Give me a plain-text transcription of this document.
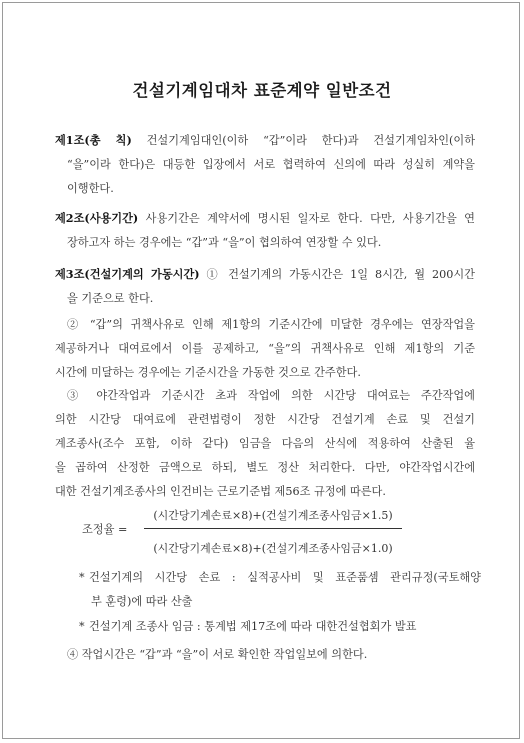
건설기계임대차 표준계약 일반조건
제1조(총 칙) 건설기계임대인(이하 “갑”이라 한다)과 건설기계임차인(이하
“을”이라 한다)은 대등한 입장에서 서로 협력하여 신의에 따라 성실히 계약을
이행한다.
제2조(사용기간) 사용기간은 계약서에 명시된 일자로 한다. 다만, 사용기간을 연
장하고자 하는 경우에는 “갑”과 “을”이 협의하여 연장할 수 있다.
제3조(건설기계의 가동시간) ① 건설기계의 가동시간은 1일 8시간, 월 200시간
을 기준으로 한다.
② “갑”의 귀책사유로 인해 제1항의 기준시간에 미달한 경우에는 연장작업을
제공하거나 대여료에서 이를 공제하고, “을”의 귀책사유로 인해 제1항의 기준
시간에 미달하는 경우에는 기준시간을 가동한 것으로 간주한다.
③ 야간작업과 기준시간 초과 작업에 의한 시간당 대여료는 주간작업에
의한 시간당 대여료에 관련법령이 정한 시간당 건설기계 손료 및 건설기
계조종사(조수 포함, 이하 같다) 임금을 다음의 산식에 적용하여 산출된 율
을 곱하여 산정한 금액으로 하되, 별도 정산 처리한다. 다만, 야간작업시간에
대한 건설기계조종사의 인건비는 근로기준법 제56조 규정에 따른다.
조정율 =
(시간당기계손료×8)+(건설기계조종사임금×1.5)
(시간당기계손료×8)+(건설기계조종사임금×1.0)
* 건설기계의 시간당 손료 : 실적공사비 및 표준품셈 관리규정(국토해양
부 훈령)에 따라 산출
* 건설기계 조종사 임금 : 통계법 제17조에 따라 대한건설협회가 발표
④ 작업시간은 “갑”과 “을”이 서로 확인한 작업일보에 의한다.
